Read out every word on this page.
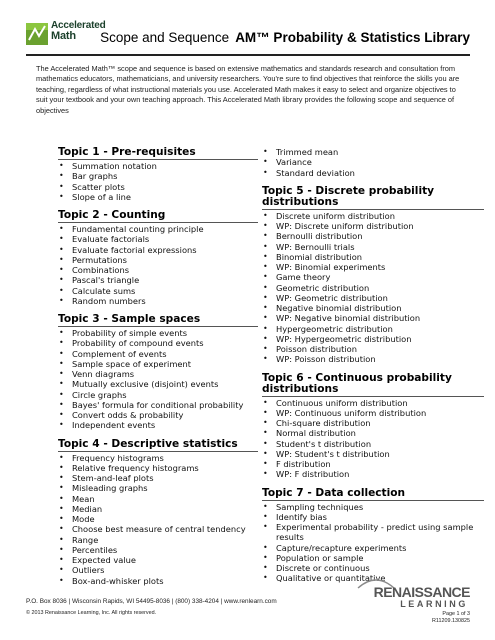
Accelerated
Math	Scope and Sequence AM™ Probability & Statistics Library
The Accelerated Math™ scope and sequence is based on extensive mathematics and standards research and consultation from mathematics educators, mathematicians, and university researchers. You're sure to find objectives that reinforce the skills you are teaching, regardless of what instructional materials you use. Accelerated Math makes it easy to select and organize objectives to suit your textbook and your own teaching approach. This Accelerated Math library provides the following scope and sequence of objectives
Topic 1 - Pre-requisites
• Summation notation
• Bar graphs
• Scatter plots
• Slope of a line
Topic 2 - Counting
• Fundamental counting principle
• Evaluate factorials
• Evaluate factorial expressions
• Permutations
• Combinations
• Pascal's triangle
• Calculate sums
• Random numbers
Topic 3 - Sample spaces
• Probability of simple events
• Probability of compound events
• Complement of events
• Sample space of experiment
• Venn diagrams
• Mutually exclusive (disjoint) events
• Circle graphs
• Bayes' formula for conditional probability
• Convert odds & probability
• Independent events
Topic 4 - Descriptive statistics
• Frequency histograms
• Relative frequency histograms
• Stem-and-leaf plots
• Misleading graphs
• Mean
• Median
• Mode
• Choose best measure of central tendency
• Range
• Percentiles
• Expected value
• Outliers
• Box-and-whisker plots
• Trimmed mean
• Variance
• Standard deviation
Topic 5 - Discrete probability distributions
• Discrete uniform distribution
• WP: Discrete uniform distribution
• Bernoulli distribution
• WP: Bernoulli trials
• Binomial distribution
• WP: Binomial experiments
• Game theory
• Geometric distribution
• WP: Geometric distribution
• Negative binomial distribution
• WP: Negative binomial distribution
• Hypergeometric distribution
• WP: Hypergeometric distribution
• Poisson distribution
• WP: Poisson distribution
Topic 6 - Continuous probability distributions
• Continuous uniform distribution
• WP: Continuous uniform distribution
• Chi-square distribution
• Normal distribution
• Student's t distribution
• WP: Student's t distribution
• F distribution
• WP: F distribution
Topic 7 - Data collection
• Sampling techniques
• Identify bias
• Experimental probability - predict using sample results
• Capture/recapture experiments
• Population or sample
• Discrete or continuous
• Qualitative or quantitative
P.O. Box 8036 | Wisconsin Rapids, WI 54495-8036 | (800) 338-4204 | www.renlearn.com
© 2013 Renaissance Learning, Inc. All rights reserved.
RENAISSANCE
LEARNING
Page 1 of 3
R11209.130825
